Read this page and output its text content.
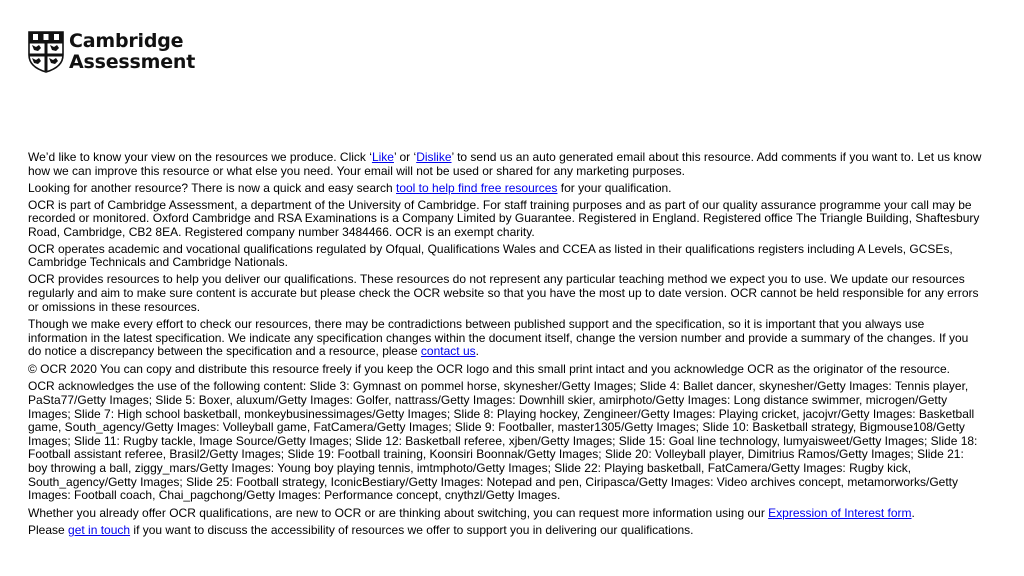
Cambridge
Assessment

We’d like to know your view on the resources we produce. Click ‘Like’ or ‘Dislike’ to send us an auto generated email about this resource. Add comments if you want to. Let us know how we can improve this resource or what else you need. Your email will not be used or shared for any marketing purposes.

Looking for another resource? There is now a quick and easy search tool to help find free resources for your qualification.

OCR is part of Cambridge Assessment, a department of the University of Cambridge. For staff training purposes and as part of our quality assurance programme your call may be recorded or monitored. Oxford Cambridge and RSA Examinations is a Company Limited by Guarantee. Registered in England. Registered office The Triangle Building, Shaftesbury Road, Cambridge, CB2 8EA. Registered company number 3484466. OCR is an exempt charity.

OCR operates academic and vocational qualifications regulated by Ofqual, Qualifications Wales and CCEA as listed in their qualifications registers including A Levels, GCSEs, Cambridge Technicals and Cambridge Nationals.

OCR provides resources to help you deliver our qualifications. These resources do not represent any particular teaching method we expect you to use. We update our resources regularly and aim to make sure content is accurate but please check the OCR website so that you have the most up to date version. OCR cannot be held responsible for any errors or omissions in these resources.

Though we make every effort to check our resources, there may be contradictions between published support and the specification, so it is important that you always use information in the latest specification. We indicate any specification changes within the document itself, change the version number and provide a summary of the changes. If you do notice a discrepancy between the specification and a resource, please contact us.

© OCR 2020 You can copy and distribute this resource freely if you keep the OCR logo and this small print intact and you acknowledge OCR as the originator of the resource.

OCR acknowledges the use of the following content: Slide 3: Gymnast on pommel horse, skynesher/Getty Images; Slide 4: Ballet dancer, skynesher/Getty Images: Tennis player, PaSta77/Getty Images; Slide 5: Boxer, aluxum/Getty Images: Golfer, nattrass/Getty Images: Downhill skier, amirphoto/Getty Images: Long distance swimmer, microgen/Getty Images; Slide 7: High school basketball, monkeybusinessimages/Getty Images; Slide 8: Playing hockey, Zengineer/Getty Images: Playing cricket, jacojvr/Getty Images: Basketball game, South_agency/Getty Images: Volleyball game, FatCamera/Getty Images; Slide 9: Footballer, master1305/Getty Images; Slide 10: Basketball strategy, Bigmouse108/Getty Images; Slide 11: Rugby tackle, Image Source/Getty Images; Slide 12: Basketball referee, xjben/Getty Images; Slide 15: Goal line technology, lumyaisweet/Getty Images; Slide 18: Football assistant referee, Brasil2/Getty Images; Slide 19: Football training, Koonsiri Boonnak/Getty Images; Slide 20: Volleyball player, Dimitrius Ramos/Getty Images; Slide 21: boy throwing a ball, ziggy_mars/Getty Images: Young boy playing tennis, imtmphoto/Getty Images; Slide 22: Playing basketball, FatCamera/Getty Images: Rugby kick, South_agency/Getty Images; Slide 25: Football strategy, IconicBestiary/Getty Images: Notepad and pen, Ciripasca/Getty Images: Video archives concept, metamorworks/Getty Images: Football coach, Chai_pagchong/Getty Images: Performance concept, cnythzl/Getty Images.

Whether you already offer OCR qualifications, are new to OCR or are thinking about switching, you can request more information using our Expression of Interest form.

Please get in touch if you want to discuss the accessibility of resources we offer to support you in delivering our qualifications.
